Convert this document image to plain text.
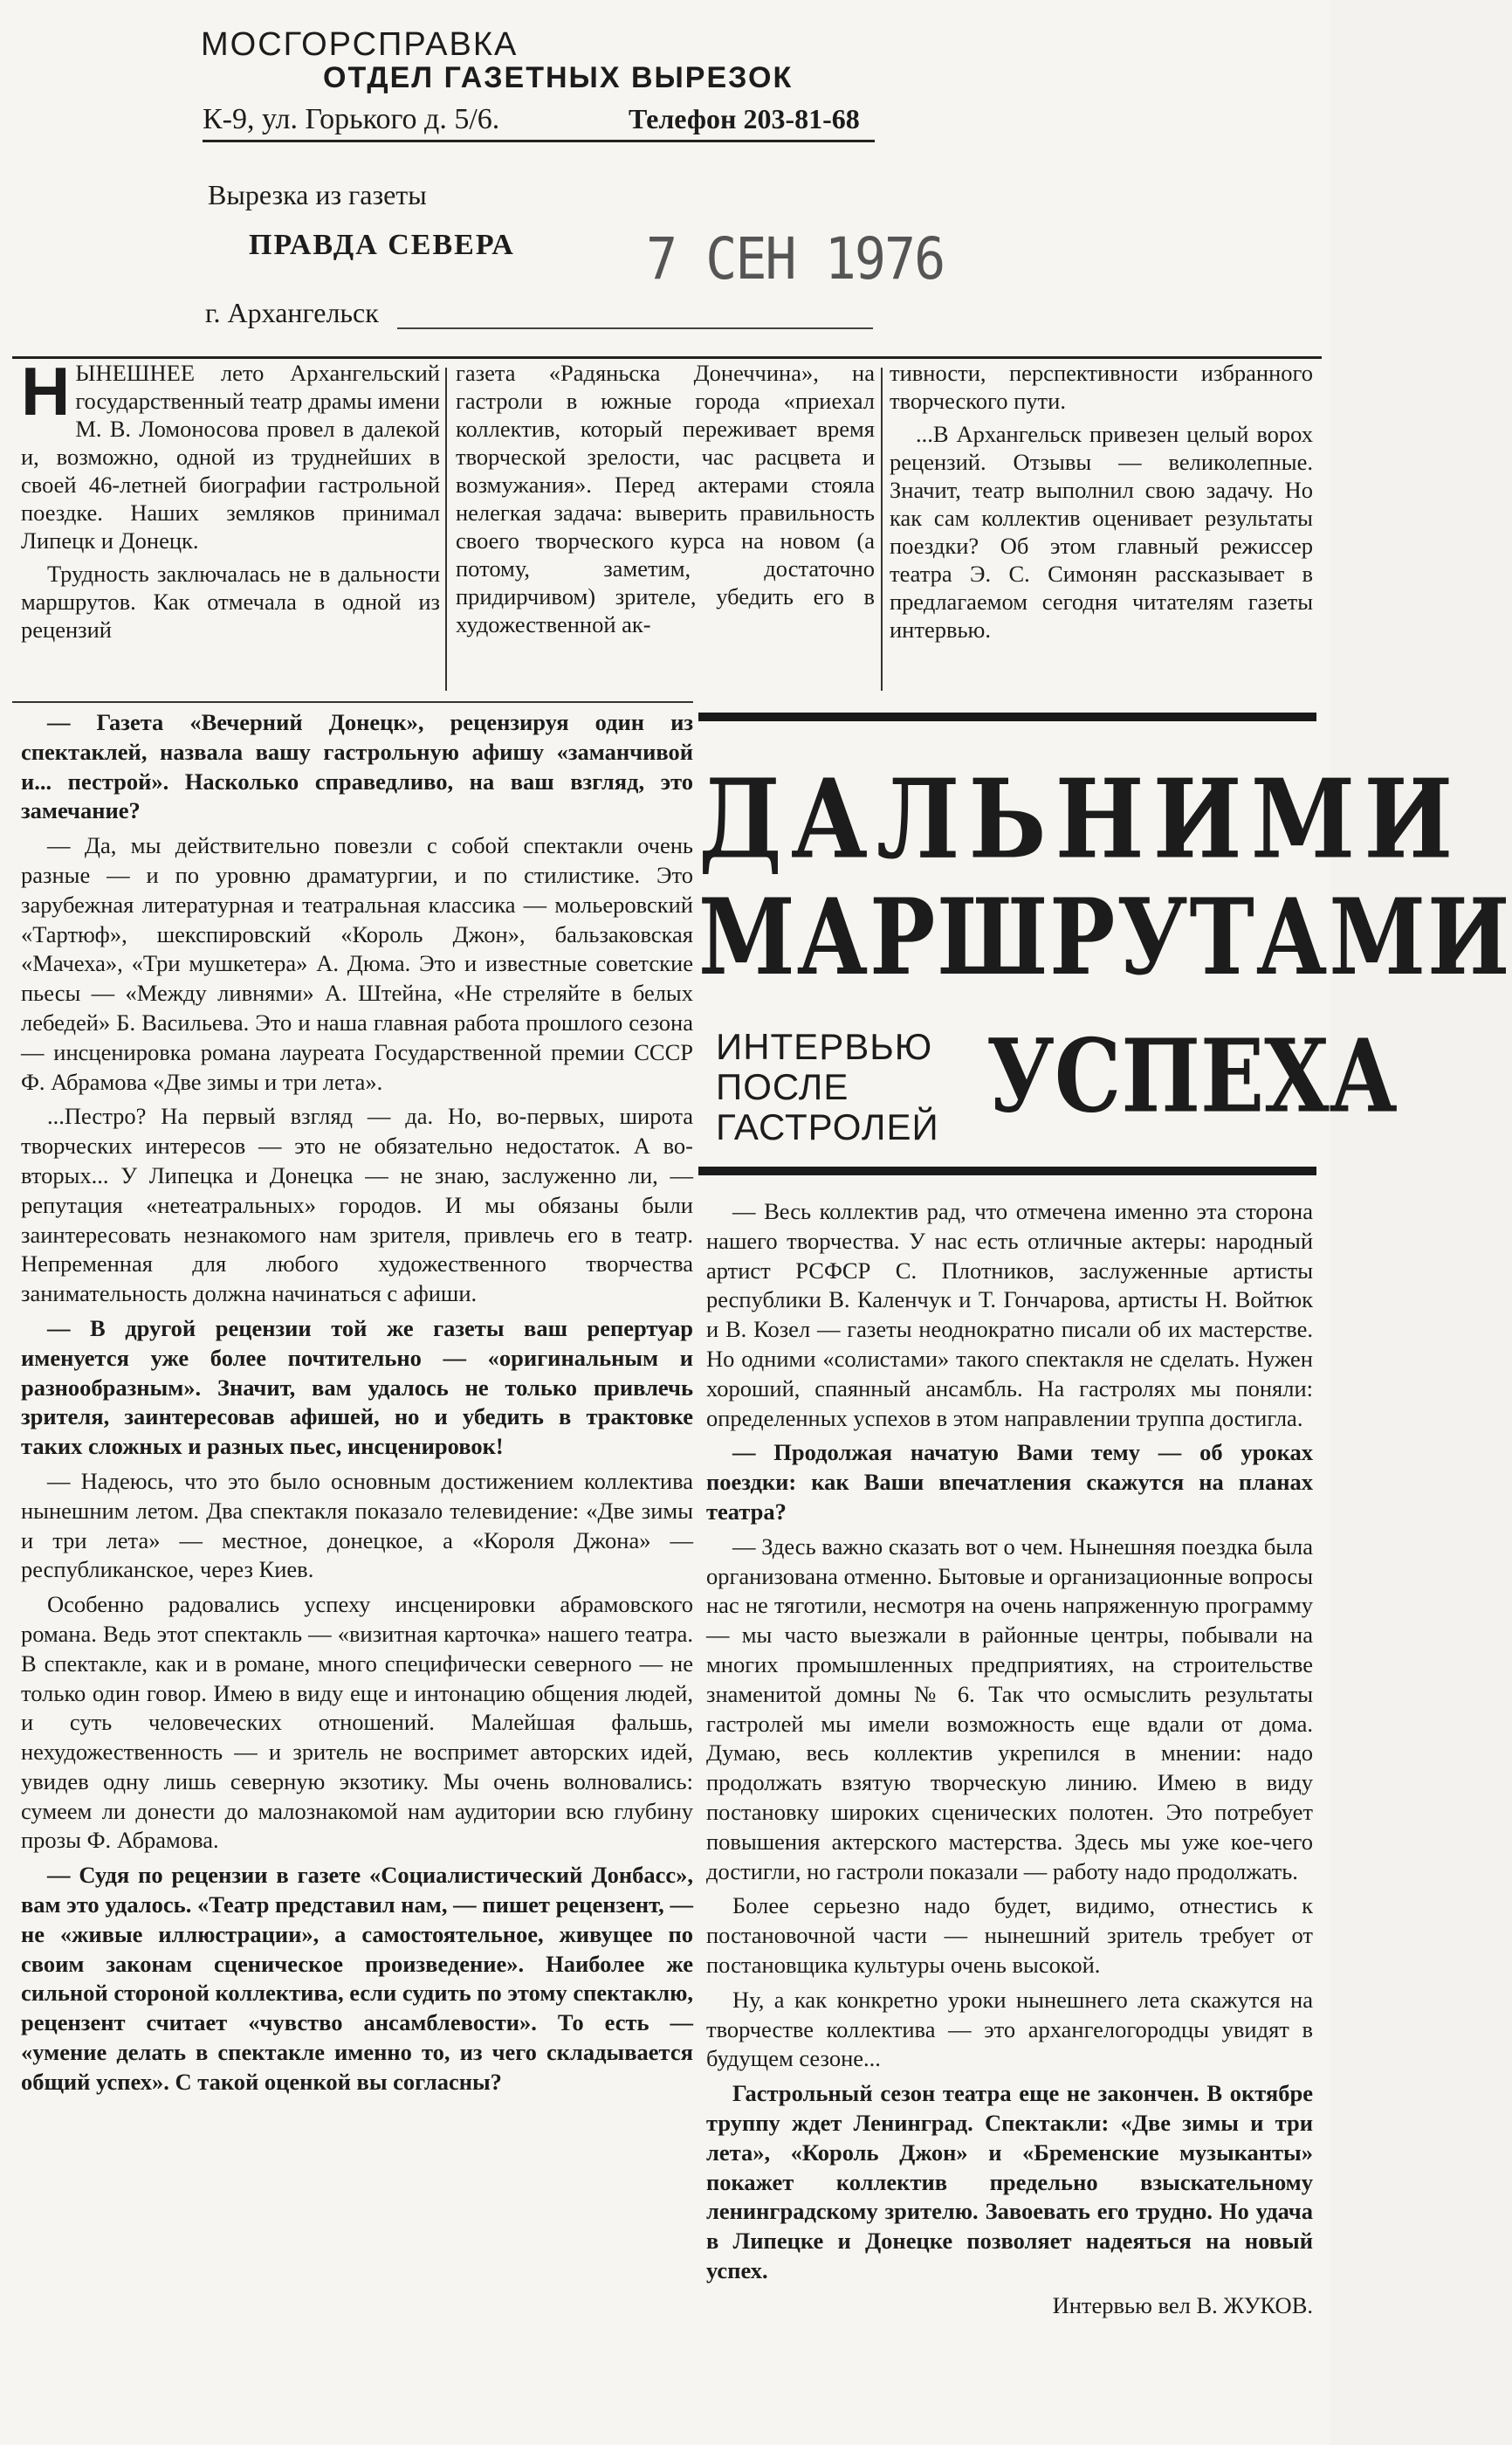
МОСГОРСПРАВКА
ОТДЕЛ ГАЗЕТНЫХ ВЫРЕЗОК
К-9, ул. Горького д. 5/6.	Телефон 203-81-68
Вырезка из газеты
ПРАВДА СЕВЕРА	7 СЕН 1976
г. Архангельск

НЫНЕШНЕЕ лето Архангельский государственный театр драмы имени М. В. Ломоносова провел в далекой и, возможно, одной из труднейших в своей 46-летней биографии гастрольной поездке. Наших земляков принимал Липецк и Донецк.

Трудность заключалась не в дальности маршрутов. Как отмечала в одной из рецензий

газета «Радяньска Донеччина», на гастроли в южные города «приехал коллектив, который переживает время творческой зрелости, час расцвета и возмужания». Перед актерами стояла нелегкая задача: выверить правильность своего творческого курса на новом (а потому, заметим, достаточно придирчивом) зрителе, убедить его в художественной ак-

тивности, перспективности избранного творческого пути.

...В Архангельск привезен целый ворох рецензий. Отзывы — великолепные. Значит, театр выполнил свою задачу. Но как сам коллектив оценивает результаты поездки? Об этом главный режиссер театра Э. С. Симонян рассказывает в предлагаемом сегодня читателям газеты интервью.

— Газета «Вечерний Донецк», рецензируя один из спектаклей, назвала вашу гастрольную афишу «заманчивой и... пестрой». Насколько справедливо, на ваш взгляд, это замечание?

— Да, мы действительно повезли с собой спектакли очень разные — и по уровню драматургии, и по стилистике. Это зарубежная литературная и театральная классика — мольеровский «Тартюф», шекспировский «Король Джон», бальзаковская «Мачеха», «Три мушкетера» А. Дюма. Это и известные советские пьесы — «Между ливнями» А. Штейна, «Не стреляйте в белых лебедей» Б. Васильева. Это и наша главная работа прошлого сезона — инсценировка романа лауреата Государственной премии СССР Ф. Абрамова «Две зимы и три лета».

...Пестро? На первый взгляд — да. Но, во-первых, широта творческих интересов — это не обязательно недостаток. А во-вторых... У Липецка и Донецка — не знаю, заслуженно ли, — репутация «нетеатральных» городов. И мы обязаны были заинтересовать незнакомого нам зрителя, привлечь его в театр. Непременная для любого художественного творчества занимательность должна начинаться с афиши.

— В другой рецензии той же газеты ваш репертуар именуется уже более почтительно — «оригинальным и разнообразным». Значит, вам удалось не только привлечь зрителя, заинтересовав афишей, но и убедить в трактовке таких сложных и разных пьес, инсценировок!

— Надеюсь, что это было основным достижением коллектива нынешним летом. Два спектакля показало телевидение: «Две зимы и три лета» — местное, донецкое, а «Короля Джона» — республиканское, через Киев.

Особенно радовались успеху инсценировки абрамовского романа. Ведь этот спектакль — «визитная карточка» нашего театра. В спектакле, как и в романе, много специфически северного — не только один говор. Имею в виду еще и интонацию общения людей, и суть человеческих отношений. Малейшая фальшь, нехудожественность — и зритель не воспримет авторских идей, увидев одну лишь северную экзотику. Мы очень волновались: сумеем ли донести до малознакомой нам аудитории всю глубину прозы Ф. Абрамова.

— Судя по рецензии в газете «Социалистический Донбасс», вам это удалось. «Театр представил нам, — пишет рецензент, — не «живые иллюстрации», а самостоятельное, живущее по своим законам сценическое произведение». Наиболее же сильной стороной коллектива, если судить по этому спектаклю, рецензент считает «чувство ансамблевости». То есть — «умение делать в спектакле именно то, из чего складывается общий успех». С такой оценкой вы согласны?

ДАЛЬНИМИ
МАРШРУТАМИ
ИНТЕРВЬЮ
ПОСЛЕ
ГАСТРОЛЕЙ УСПЕХА

— Весь коллектив рад, что отмечена именно эта сторона нашего творчества. У нас есть отличные актеры: народный артист РСФСР С. Плотников, заслуженные артисты республики В. Каленчук и Т. Гончарова, артисты Н. Войтюк и В. Козел — газеты неоднократно писали об их мастерстве. Но одними «солистами» такого спектакля не сделать. Нужен хороший, спаянный ансамбль. На гастролях мы поняли: определенных успехов в этом направлении труппа достигла.

— Продолжая начатую Вами тему — об уроках поездки: как Ваши впечатления скажутся на планах театра?

— Здесь важно сказать вот о чем. Нынешняя поездка была организована отменно. Бытовые и организационные вопросы нас не тяготили, несмотря на очень напряженную программу — мы часто выезжали в районные центры, побывали на многих промышленных предприятиях, на строительстве знаменитой домны № 6. Так что осмыслить результаты гастролей мы имели возможность еще вдали от дома. Думаю, весь коллектив укрепился в мнении: надо продолжать взятую творческую линию. Имею в виду постановку широких сценических полотен. Это потребует повышения актерского мастерства. Здесь мы уже кое-чего достигли, но гастроли показали — работу надо продолжать.

Более серьезно надо будет, видимо, отнестись к постановочной части — нынешний зритель требует от постановщика культуры очень высокой.

Ну, а как конкретно уроки нынешнего лета скажутся на творчестве коллектива — это архангелогородцы увидят в будущем сезоне...

Гастрольный сезон театра еще не закончен. В октябре труппу ждет Ленинград. Спектакли: «Две зимы и три лета», «Король Джон» и «Бременские музыканты» покажет коллектив предельно взыскательному ленинградскому зрителю. Завоевать его трудно. Но удача в Липецке и Донецке позволяет надеяться на новый успех.

Интервью вел В. ЖУКОВ.
